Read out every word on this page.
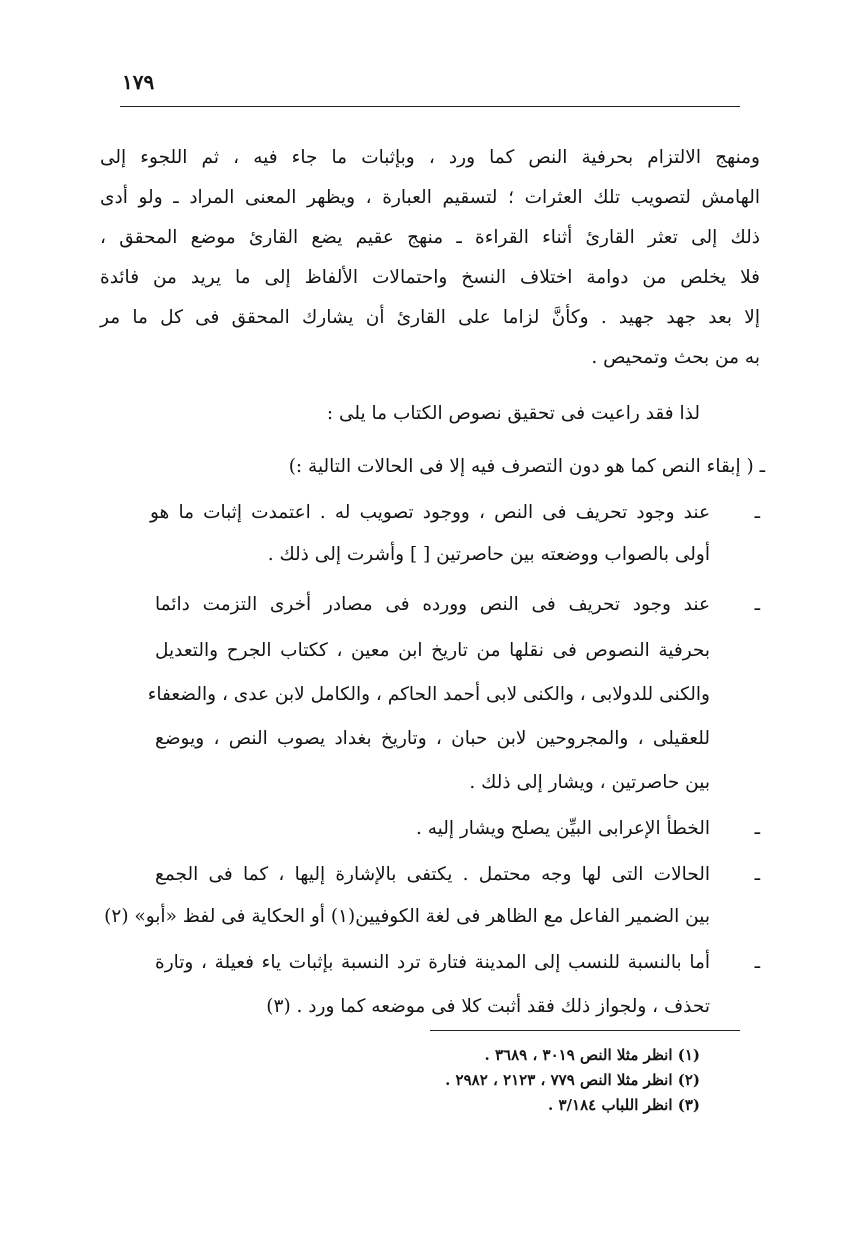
١٧٩
ومنهج الالتزام بحرفية النص كما ورد ، وبإثبات ما جاء فيه ، ثم اللجوء إلى
الهامش لتصويب تلك العثرات ؛ لتسقيم العبارة ، ويظهر المعنى المراد ـ ولو أدى
ذلك إلى تعثر القارئ أثناء القراءة ـ منهج عقيم يضع القارئ موضع المحقق ،
فلا يخلص من دوامة اختلاف النسخ واحتمالات الألفاظ إلى ما يريد من فائدة
إلا بعد جهد جهيد . وكأنَّ لزاما على القارئ أن يشارك المحقق فى كل ما مر
به من بحث وتمحيص .
لذا فقد راعيت فى تحقيق نصوص الكتاب ما يلى :
ـ ( إبقاء النص كما هو دون التصرف فيه إلا فى الحالات التالية :)
ـ
عند وجود تحريف فى النص ، ووجود تصويب له . اعتمدت إثبات ما هو
أولى بالصواب ووضعته بين حاصرتين [ ] وأشرت إلى ذلك .
ـ
عند وجود تحريف فى النص وورده فى مصادر أخرى التزمت دائما
بحرفية النصوص فى نقلها من تاريخ ابن معين ، ككتاب الجرح والتعديل
والكنى للدولابى ، والكنى لابى أحمد الحاكم ، والكامل لابن عدى ، والضعفاء
للعقيلى ، والمجروحين لابن حبان ، وتاريخ بغداد يصوب النص ، ويوضع
بين حاصرتين ، ويشار إلى ذلك .
ـ
الخطأ الإعرابى البيِّن يصلح ويشار إليه .
ـ
الحالات التى لها وجه محتمل . يكتفى بالإشارة إليها ، كما فى الجمع
بين الضمير الفاعل مع الظاهر فى لغة الكوفيين(١) أو الحكاية فى لفظ «أبو» (٢)
ـ
أما بالنسبة للنسب إلى المدينة فتارة ترد النسبة بإثبات ياء فعيلة ، وتارة
تحذف ، ولجواز ذلك فقد أثبت كلا فى موضعه كما ورد . (٣)
(١) انظر مثلا النص ٣٠١٩ ، ٣٦٨٩ .
(٢) انظر مثلا النص ٧٧٩ ، ٢١٢٣ ، ٢٩٨٢ .
(٣) انظر اللباب ٣/١٨٤ .
